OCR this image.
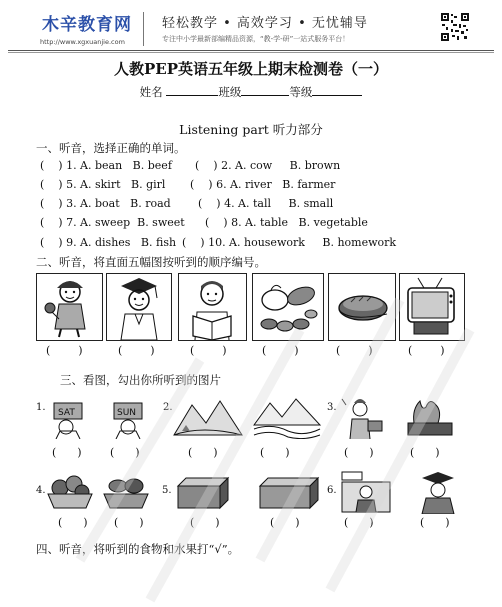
木辛教育网
http://www.xgxuanjie.com
轻松教学 • 高效学习 • 无忧辅导
专注中小学最新部编精品资源，“教-学-研”一站式服务平台！
人教PEP英语五年级上期末检测卷（一）
姓名	班级	等级
Listening part 听力部分
一、听音，选择正确的单词。
(    ) 1. A. bean   B. beef (    ) 2. A. cow     B. brown
(    ) 5. A. skirt   B. girl (    ) 6. A. river   B. farmer
(    ) 3. A. boat   B. road (    ) 4. A. tall     B. small
(    ) 7. A. sweep  B. sweet (    ) 8. A. table   B. vegetable
(    ) 9. A. dishes   B. fish (    ) 10. A. housework     B. homework
二、听音，将直面五幅图按听到的顺序编号。
(        )	(        )	(        )	(        )	(        )	(        )
三、看图，勾出你所听到的图片
1. SAT	SUN	2.	3.
(      )	(      )	(      )	(      )	(      )	(      )
4.	5.	6.
(      ) (      )	(      )	(      )	(      )	(      )
四、听音，将听到的食物和水果打“√”。
